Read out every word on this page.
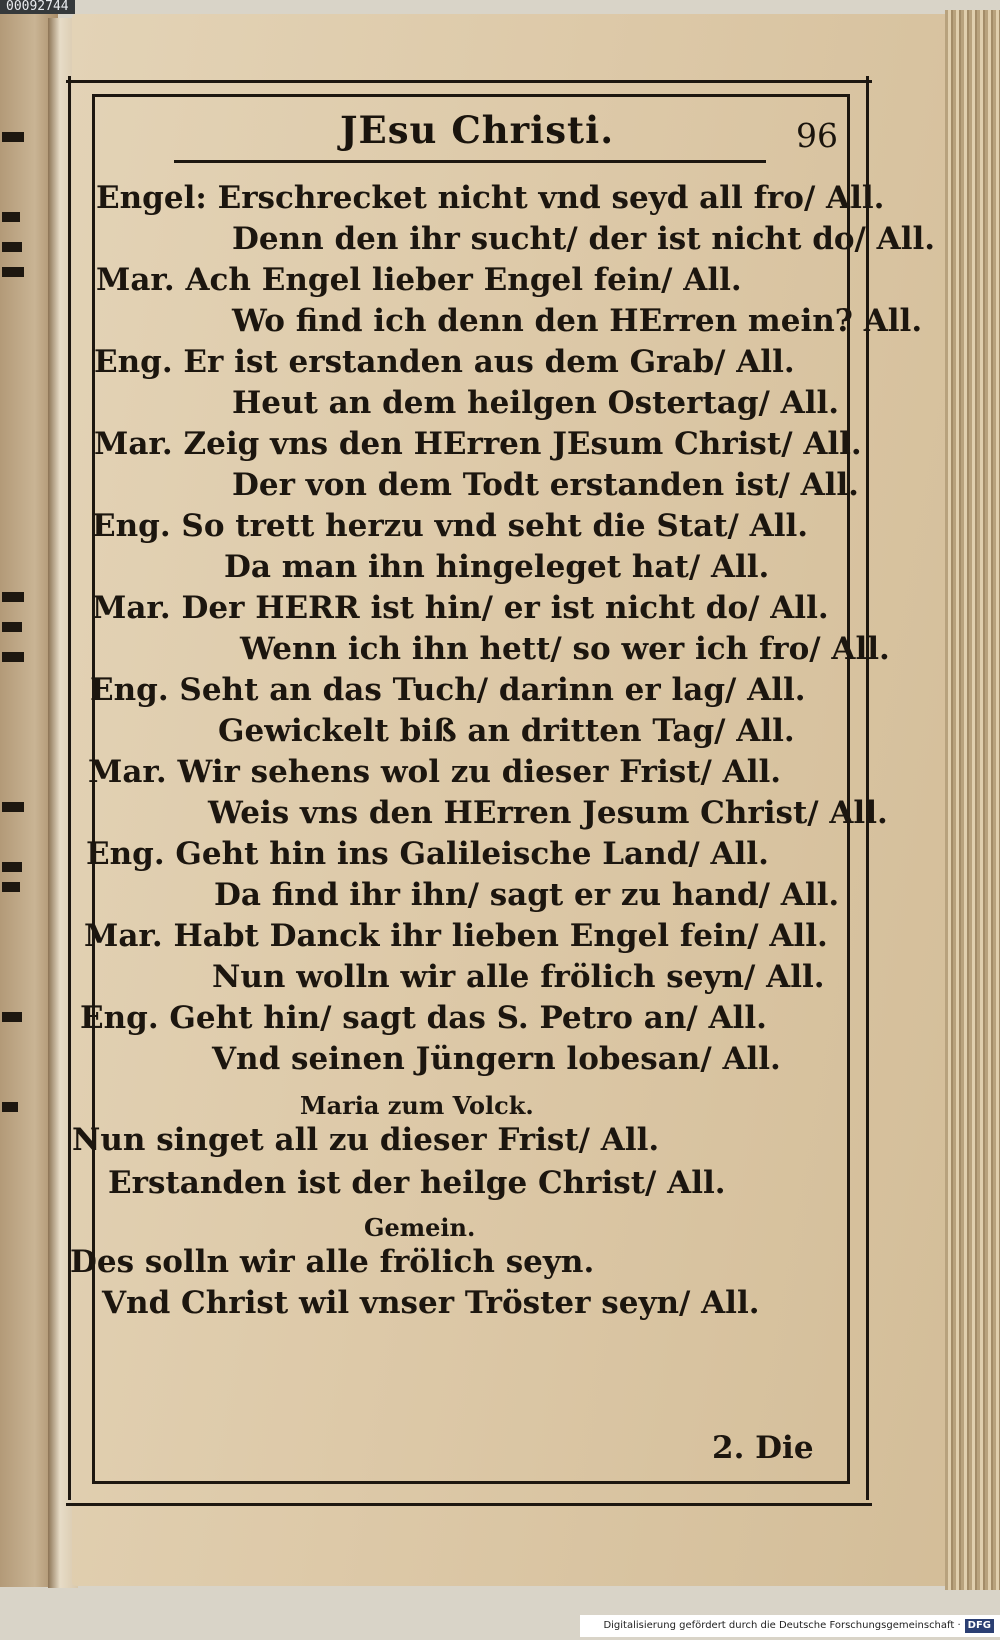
00092744
JEsu Christi.	96
Engel: Erschrecket nicht vnd seyd all fro/ All.
Denn den ihr sucht/ der ist nicht do/ All.
Mar. Ach Engel lieber Engel fein/ All.
Wo find ich denn den HErren mein? All.
Eng. Er ist erstanden aus dem Grab/ All.
Heut an dem heilgen Ostertag/ All.
Mar. Zeig vns den HErren JEsum Christ/ All.
Der von dem Todt erstanden ist/ All.
Eng. So trett herzu vnd seht die Stat/ All.
Da man ihn hingeleget hat/ All.
Mar. Der HERR ist hin/ er ist nicht do/ All.
Wenn ich ihn hett/ so wer ich fro/ All.
Eng. Seht an das Tuch/ darinn er lag/ All.
Gewickelt biß an dritten Tag/ All.
Mar. Wir sehens wol zu dieser Frist/ All.
Weis vns den HErren Jesum Christ/ All.
Eng. Geht hin ins Galileische Land/ All.
Da find ihr ihn/ sagt er zu hand/ All.
Mar. Habt Danck ihr lieben Engel fein/ All.
Nun wolln wir alle frölich seyn/ All.
Eng. Geht hin/ sagt das S. Petro an/ All.
Vnd seinen Jüngern lobesan/ All.
Maria zum Volck.
Nun singet all zu dieser Frist/ All.
Erstanden ist der heilge Christ/ All.
Gemein.
Des solln wir alle frölich seyn.
Vnd Christ wil vnser Tröster seyn/ All.
2. Die
Digitalisierung gefördert durch die Deutsche Forschungsgemeinschaft · DFG
